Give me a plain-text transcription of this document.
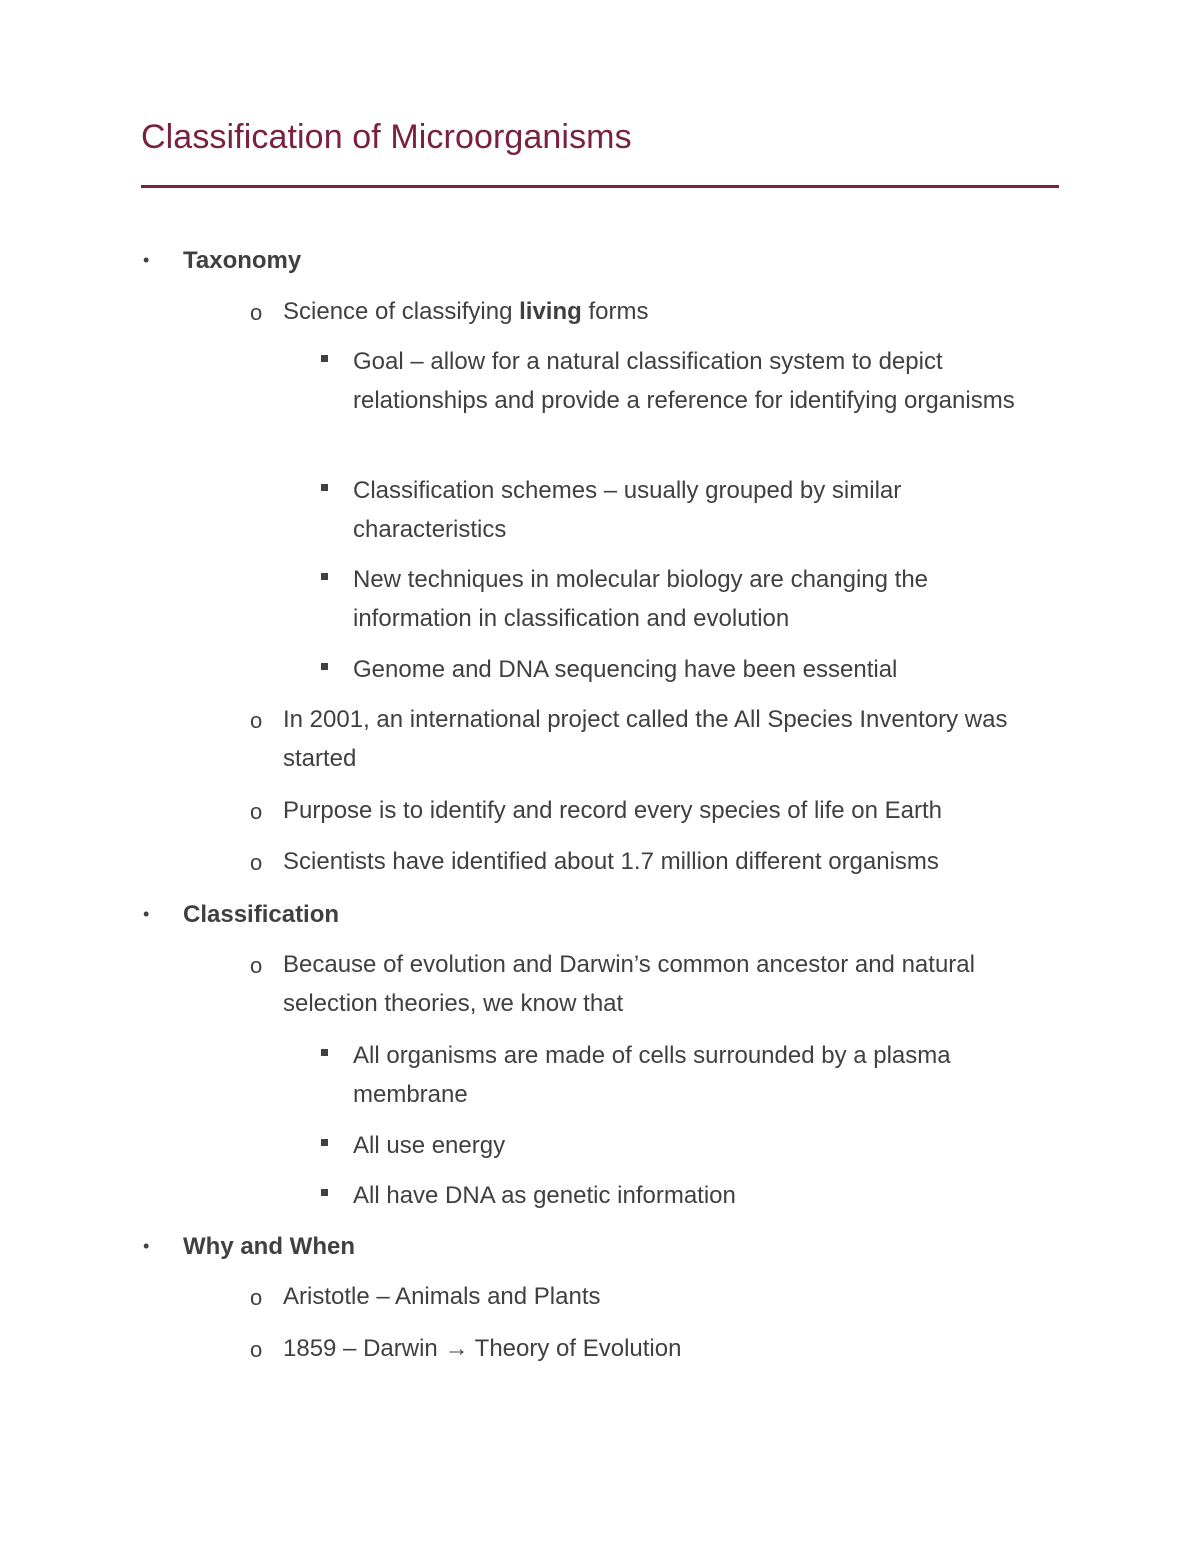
Classification of Microorganisms
• Taxonomy
o Science of classifying living forms
Goal – allow for a natural classification system to depict relationships and provide a reference for identifying organisms
Classification schemes – usually grouped by similar characteristics
New techniques in molecular biology are changing the information in classification and evolution
Genome and DNA sequencing have been essential
o In 2001, an international project called the All Species Inventory was started
o Purpose is to identify and record every species of life on Earth
o Scientists have identified about 1.7 million different organisms
• Classification
o Because of evolution and Darwin’s common ancestor and natural selection theories, we know that
All organisms are made of cells surrounded by a plasma membrane
All use energy
All have DNA as genetic information
• Why and When
o Aristotle – Animals and Plants
o 1859 – Darwin → Theory of Evolution
